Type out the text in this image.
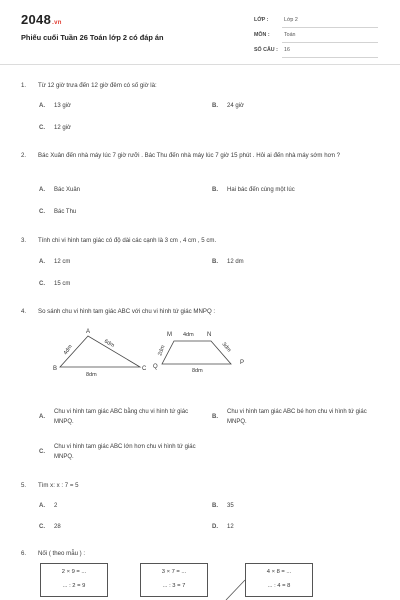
2048.vn
Phiếu cuối Tuần 26 Toán lớp 2 có đáp án
LỚP :	Lớp 2
MÔN :	Toán
SỐ CÂU : 16
1. Từ 12 giờ trưa đến 12 giờ đêm có số giờ là:
A. 13 giờ	B. 24 giờ
C. 12 giờ
2. Bác Xuân đến nhà máy lúc 7 giờ rưỡi . Bác Thu đến nhà máy lúc 7 giờ 15 phút . Hỏi ai đến nhà máy sớm hơn ?
A. Bác Xuân	B. Hai bác đến cùng một lúc
C. Bác Thu
3. Tính chi vi hình tam giác có độ dài các cạnh là 3 cm , 4 cm , 5 cm.
A. 12 cm	B. 12 dm
C. 15 cm
4. So sánh chu vi hình tam giác ABC với chu vi hình tứ giác MNPQ :
A
B	C
4dm
6dm
8dm
M	N
P
Q
4dm
2dm	3dm
8dm
A.
Chu vi hình tam giác ABC bằng chu vi hình tứ giác MNPQ.
B.
Chu vi hình tam giác ABC bé hơn chu vi hình tứ giác MNPQ.
C.
Chu vi hình tam giác ABC lớn hơn chu vi hình tứ giác MNPQ.
5. Tìm x: x : 7 = 5
A. 2	B. 35
C. 28	D. 12
6. Nối ( theo mẫu ) :
2 × 9 = ...
... : 2 = 9
3 × 7 = ...
... : 3 = 7
4 × 8 = ...
... : 4 = 8
